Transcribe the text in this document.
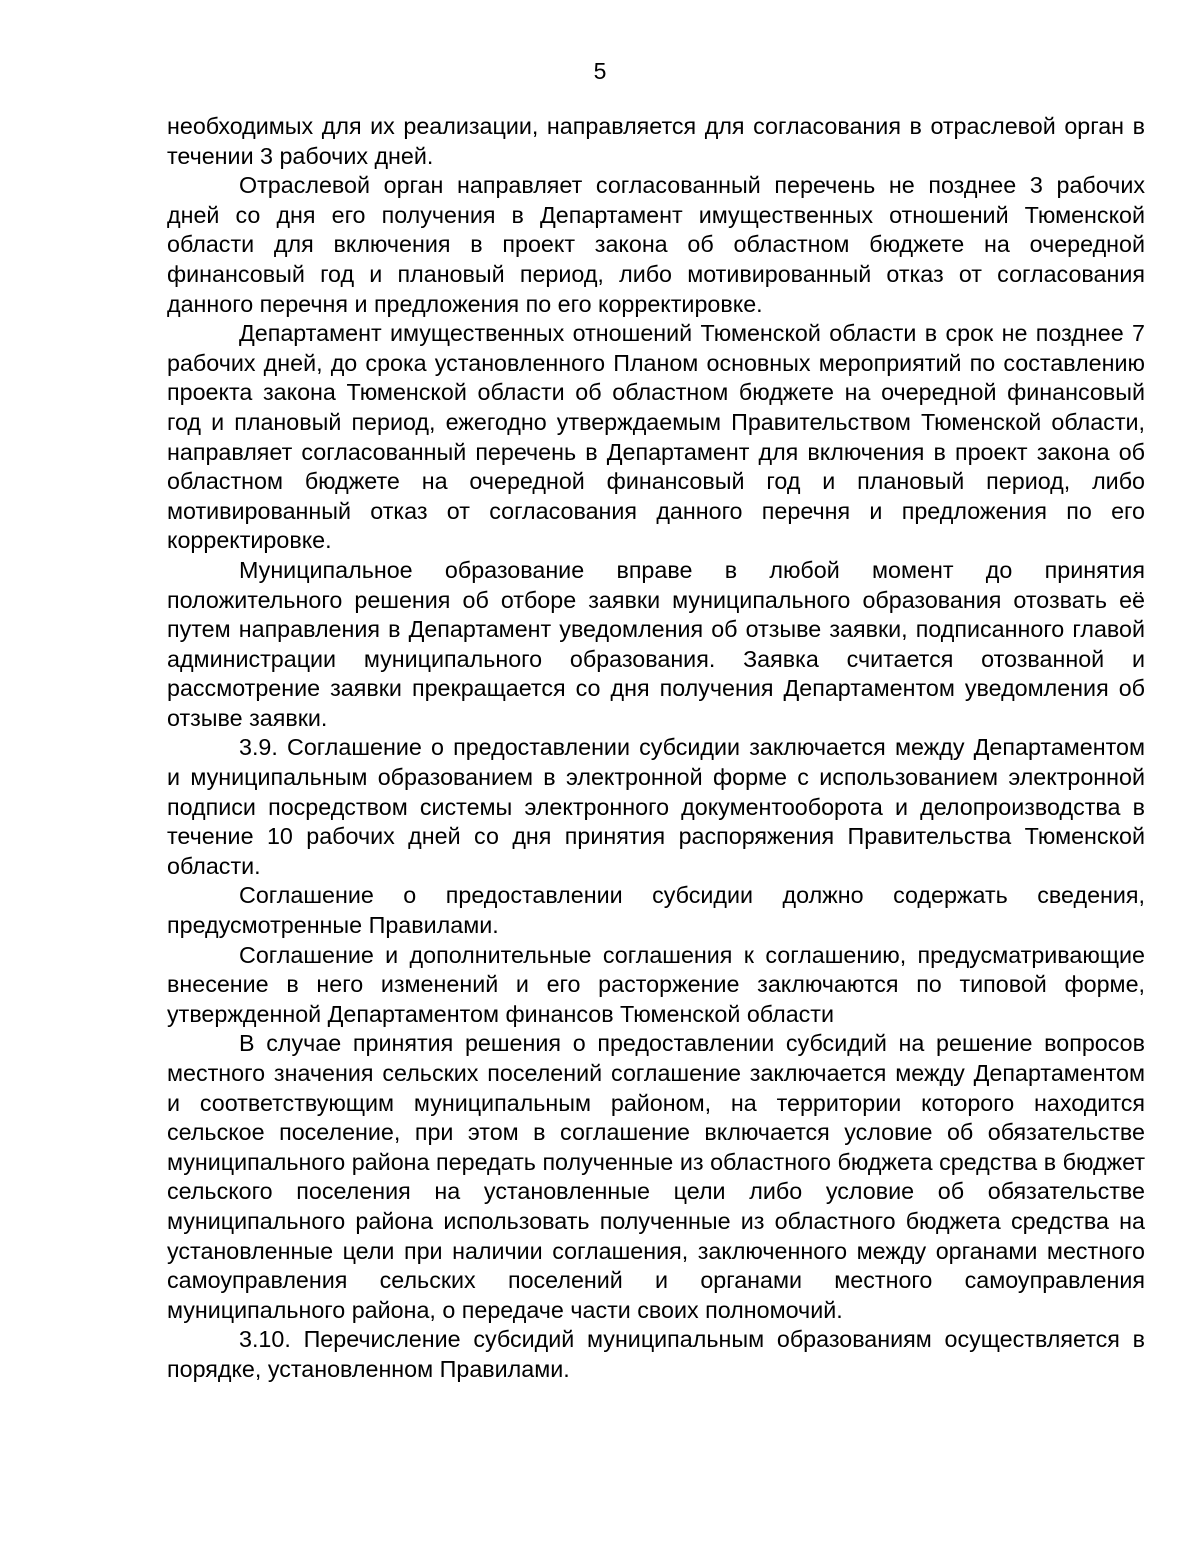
5

необходимых для их реализации, направляется для согласования в отраслевой орган в течении 3 рабочих дней.

Отраслевой орган направляет согласованный перечень не позднее 3 рабочих дней со дня его получения в Департамент имущественных отношений Тюменской области для включения в проект закона об областном бюджете на очередной финансовый год и плановый период, либо мотивированный отказ от согласования данного перечня и предложения по его корректировке.

Департамент имущественных отношений Тюменской области в срок не позднее 7 рабочих дней, до срока установленного Планом основных мероприятий по составлению проекта закона Тюменской области об областном бюджете на очередной финансовый год и плановый период, ежегодно утверждаемым Правительством Тюменской области, направляет согласованный перечень в Департамент для включения в проект закона об областном бюджете на очередной финансовый год и плановый период, либо мотивированный отказ от согласования данного перечня и предложения по его корректировке.

Муниципальное образование вправе в любой момент до принятия положительного решения об отборе заявки муниципального образования отозвать её путем направления в Департамент уведомления об отзыве заявки, подписанного главой администрации муниципального образования. Заявка считается отозванной и рассмотрение заявки прекращается со дня получения Департаментом уведомления об отзыве заявки.

3.9. Соглашение о предоставлении субсидии заключается между Департаментом и муниципальным образованием в электронной форме с использованием электронной подписи посредством системы электронного документооборота и делопроизводства в течение 10 рабочих дней со дня принятия распоряжения Правительства Тюменской области.

Соглашение о предоставлении субсидии должно содержать сведения, предусмотренные Правилами.

Соглашение и дополнительные соглашения к соглашению, предусматривающие внесение в него изменений и его расторжение заключаются по типовой форме, утвержденной Департаментом финансов Тюменской области

В случае принятия решения о предоставлении субсидий на решение вопросов местного значения сельских поселений соглашение заключается между Департаментом и соответствующим муниципальным районом, на территории которого находится сельское поселение, при этом в соглашение включается условие об обязательстве муниципального района передать полученные из областного бюджета средства в бюджет сельского поселения на установленные цели либо условие об обязательстве муниципального района использовать полученные из областного бюджета средства на установленные цели при наличии соглашения, заключенного между органами местного самоуправления сельских поселений и органами местного самоуправления муниципального района, о передаче части своих полномочий.

3.10. Перечисление субсидий муниципальным образованиям осуществляется в порядке, установленном Правилами.
